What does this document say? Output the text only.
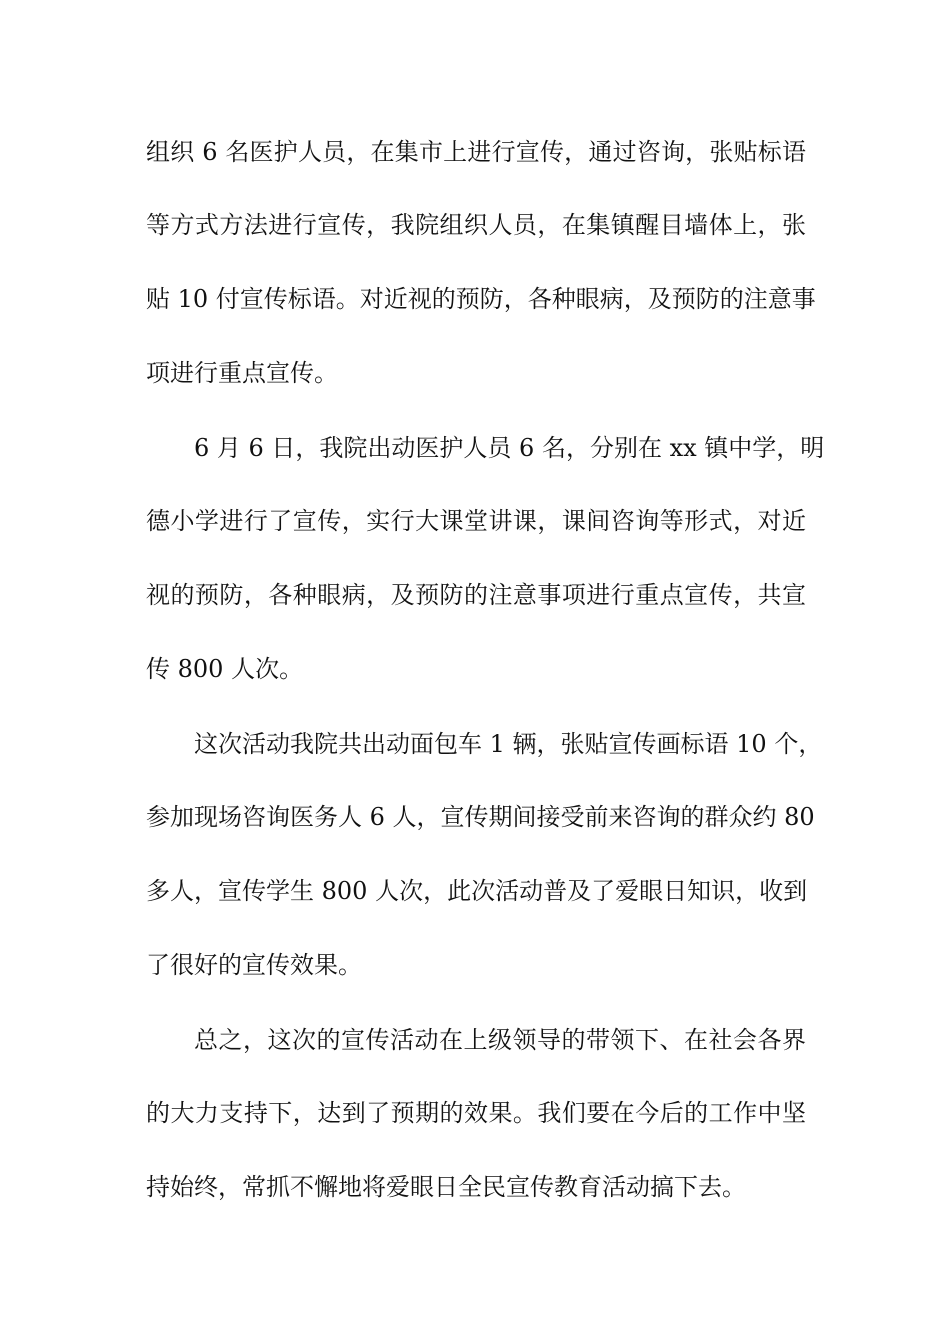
组织 6 名医护人员，在集市上进行宣传，通过咨询，张贴标语
等方式方法进行宣传，我院组织人员，在集镇醒目墙体上，张
贴 10 付宣传标语。对近视的预防，各种眼病，及预防的注意事
项进行重点宣传。
6 月 6 日，我院出动医护人员 6 名，分别在 xx 镇中学，明
德小学进行了宣传，实行大课堂讲课，课间咨询等形式，对近
视的预防，各种眼病，及预防的注意事项进行重点宣传，共宣
传 800 人次。
这次活动我院共出动面包车 1 辆，张贴宣传画标语 10 个，
参加现场咨询医务人 6 人，宣传期间接受前来咨询的群众约 80
多人，宣传学生 800 人次，此次活动普及了爱眼日知识，收到
了很好的宣传效果。
总之，这次的宣传活动在上级领导的带领下、在社会各界
的大力支持下，达到了预期的效果。我们要在今后的工作中坚
持始终，常抓不懈地将爱眼日全民宣传教育活动搞下去。
